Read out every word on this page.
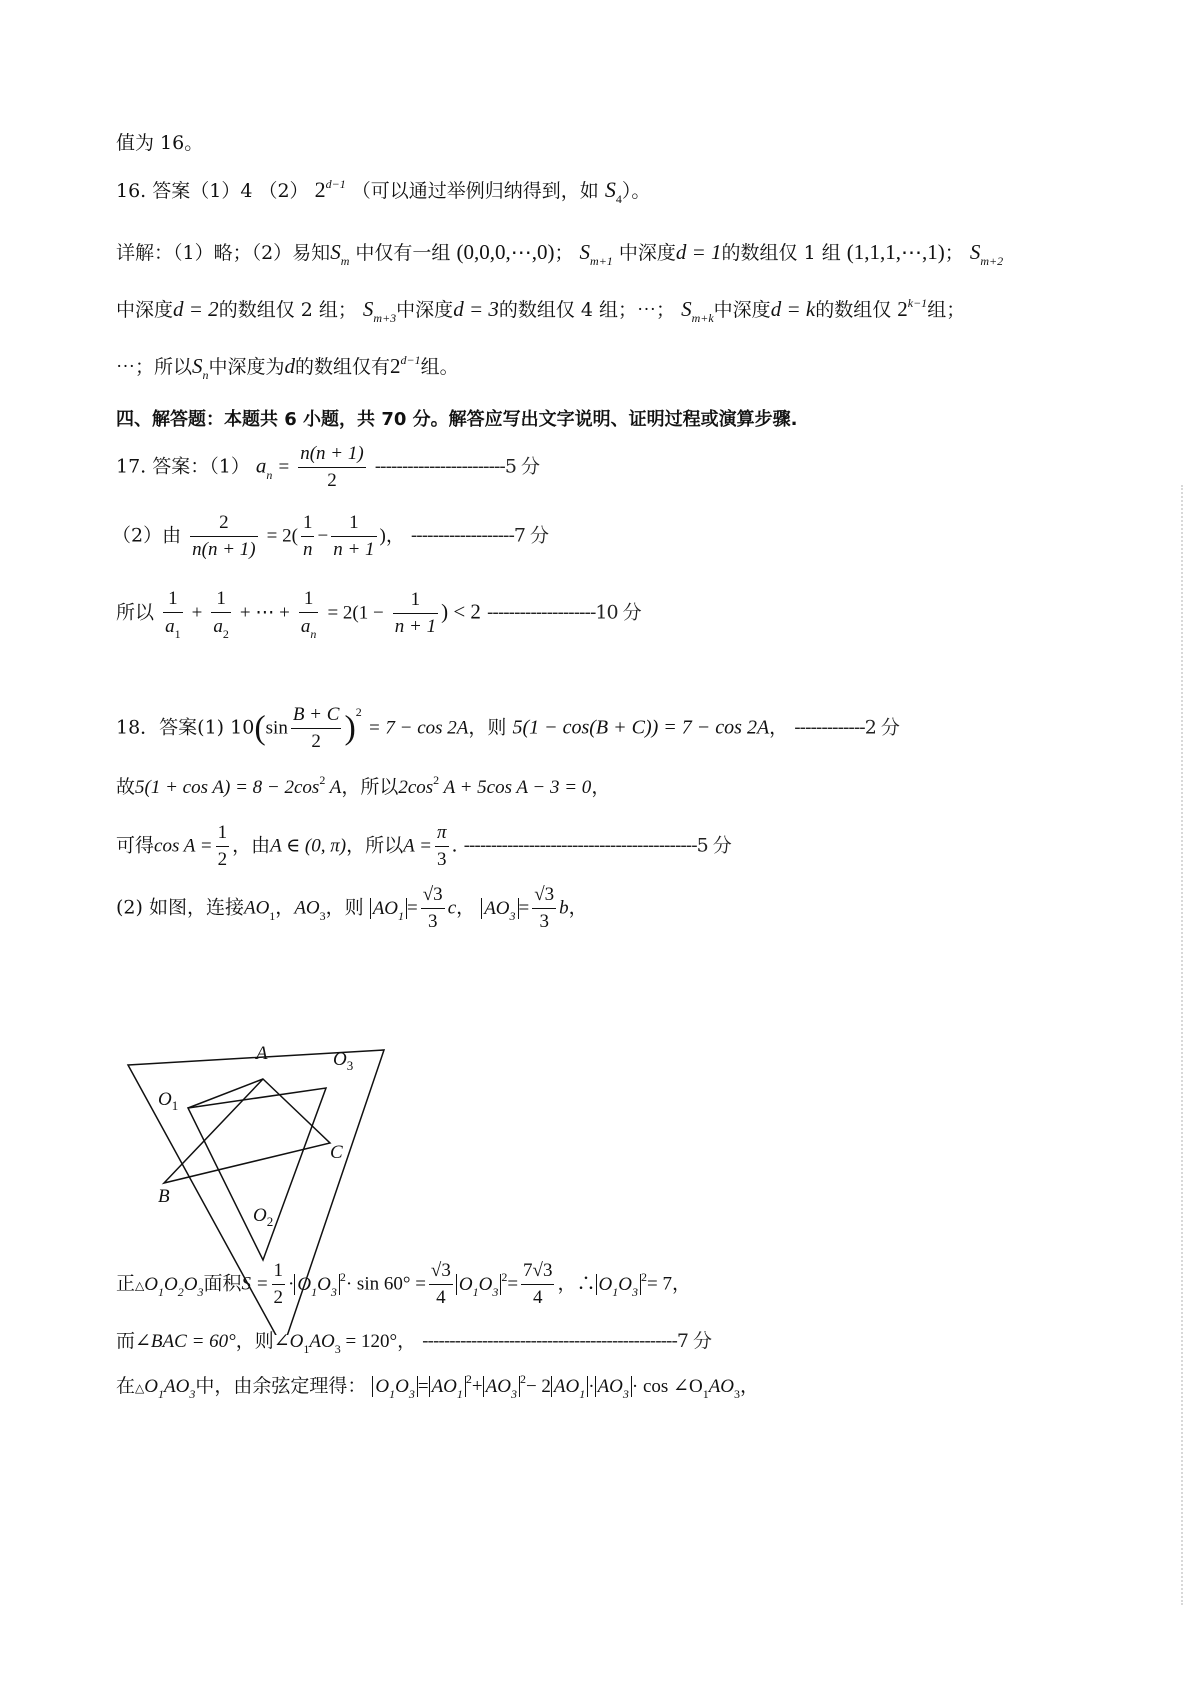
值为 16。
16. 答案（1）4 （2） $2^{d-1}$ （可以通过举例归纳得到，如 $S_4$）。
详解：（1）略；（2）易知$S_m$ 中仅有一组 (0,0,0,⋯,0)； $S_{m+1}$ 中深度d = 1的数组仅 1 组 (1,1,1,⋯,1)； $S_{m+2}$
中深度d = 2的数组仅 2 组； $S_{m+3}$中深度d = 3的数组仅 4 组；⋯； $S_{m+k}$中深度d = k的数组仅 $2^{k-1}$组；
⋯；所以$S_n$中深度为d的数组仅有$2^{d-1}$组。
四、解答题：本题共 6 小题，共 70 分。解答应写出文字说明、证明过程或演算步骤.
17. 答案：（1） $a_n = \frac{n(n + 1)}{2} ------------------------5$ 分
（2）由 $\frac{2}{n(n + 1)} = 2( \frac{1}{n} - \frac{1}{n + 1}$ )， -------------------7 分
所以 $\frac{1}{a_1} + \frac{1}{a_2}$ + ⋯ + $\frac{1}{a_n} = 2(1 - \frac{1}{n + 1}$ ) < 2 --------------------10 分
18．答案(1) $10(\sin \frac{B + C}{2} )^2 = 7 - \cos 2A$，则 5(1 − cos(B + C)) = 7 − cos 2A， -------------2 分
故$5(1 + \cos A) = 8 - 2\cos^2$ A，所以$2\cos^2$ A + 5cos A − 3 = 0，
可得$\cos A = \frac{1}{2}$ ，由A ∈ (0, π)，所以$A = \frac{\pi}{3}$ . -------------------------------------------5 分
(2) 如图，连接$AO_1$，$AO_3$，则 $AO_1 = \frac{√3}{3}$ c， $AO_3 = \frac{√3}{3}$ b，
A
B
C
$O_1$
$O_2$
$O_3$
正$\triangle O_1O_2O_3$面积$S = \frac{1}{2} \cdot O_1O_3^2\cdot \sin 60^\circ = \frac{√3}{4} O_1O_3^2= \frac{7√3}{4}$ ，∴ $O_1O_3^2= 7$，
而∠BAC = 60°，则$\angle O_1AO_3 = 120^\circ$， -----------------------------------------------7 分
在$\triangle O_1AO_3$中，由余弦定理得： $O_1O_3 = AO_1^2+ AO_3^2- 2$ $AO_1 \cdot AO_3 \cdot \cos$ $\angle O_1AO_3$，
